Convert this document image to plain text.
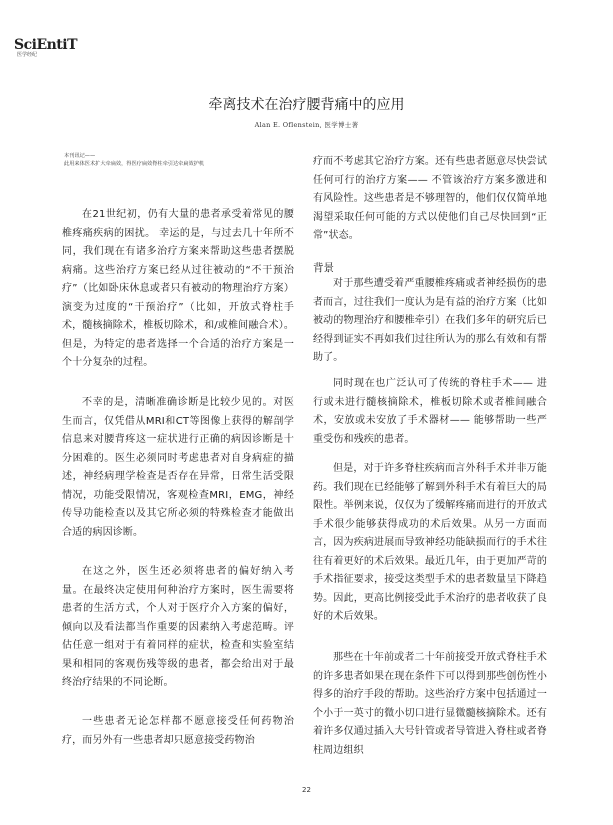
SciEntiT
医学经纪
牵离技术在治疗腰背痛中的应用
Alan E. Oflenstein, 医学博士著
本刊讯记——
此用来体医术扩大牵扁效，得医疗扁效脊柱牵引达牵扁效护机

在21世纪初，仍有大量的患者承受着常见的腰椎疼痛疾病的困扰。 幸运的是，与过去几十年所不同，我们现在有诸多治疗方案来帮助这些患者摆脱病痛。这些治疗方案已经从过往被动的“不干预治疗”（比如卧床休息或者只有被动的物理治疗方案）演变为过度的“干预治疗”（比如，开放式脊柱手术，髓核摘除术，椎板切除术，和/或椎间融合术）。但是，为特定的患者选择一个合适的治疗方案是一个十分复杂的过程。

不幸的是，清晰准确诊断是比较少见的。对医生而言，仅凭借从MRI和CT等图像上获得的解剖学信息来对腰背疼这一症状进行正确的病因诊断是十分困难的。医生必须同时考虑患者对自身病症的描述，神经病理学检查是否存在异常，日常生活受限情况，功能受限情况，客观检查MRI，EMG，神经传导功能检查以及其它所必须的特殊检查才能做出合适的病因诊断。

在这之外，医生还必须将患者的偏好纳入考量。在最终决定使用何种治疗方案时，医生需要将患者的生活方式，个人对于医疗介入方案的偏好，倾向以及看法都当作重要的因素纳入考虑范畴。评估任意一组对于有着同样的症状，检查和实验室结果和相同的客观伤残等级的患者，都会给出对于最终治疗结果的不同论断。

一些患者无论怎样都不愿意接受任何药物治疗，而另外有一些患者却只愿意接受药物治

疗而不考虑其它治疗方案。还有些患者愿意尽快尝试任何可行的治疗方案—— 不管该治疗方案多激进和有风险性。这些患者是不够理智的，他们仅仅简单地渴望采取任何可能的方式以使他们自己尽快回到“正常”状态。

背景

对于那些遭受着严重腰椎疼痛或者神经损伤的患者而言，过往我们一度认为是有益的治疗方案（比如被动的物理治疗和腰椎牵引）在我们多年的研究后已经得到证实不再如我们过往所认为的那么有效和有帮助了。

同时现在也广泛认可了传统的脊柱手术—— 进行或未进行髓核摘除术，椎板切除术或者椎间融合术，安放或未安放了手术器材—— 能够帮助一些严重受伤和残疾的患者。

但是，对于许多脊柱疾病而言外科手术并非万能药。我们现在已经能够了解到外科手术有着巨大的局限性。举例来说，仅仅为了缓解疼痛而进行的开放式手术很少能够获得成功的术后效果。从另一方面而言，因为疾病进展而导致神经功能缺损而行的手术往往有着更好的术后效果。最近几年，由于更加严苛的手术指征要求，接受这类型手术的患者数量呈下降趋势。因此，更高比例接受此手术治疗的患者收获了良好的术后效果。

那些在十年前或者二十年前接受开放式脊柱手术的许多患者如果在现在条件下可以得到那些创伤性小得多的治疗手段的帮助。这些治疗方案中包括通过一个小于一英寸的微小切口进行显微髓核摘除术。还有着许多仅通过插入大号针管或者导管进入脊柱或者脊柱周边组织

22
